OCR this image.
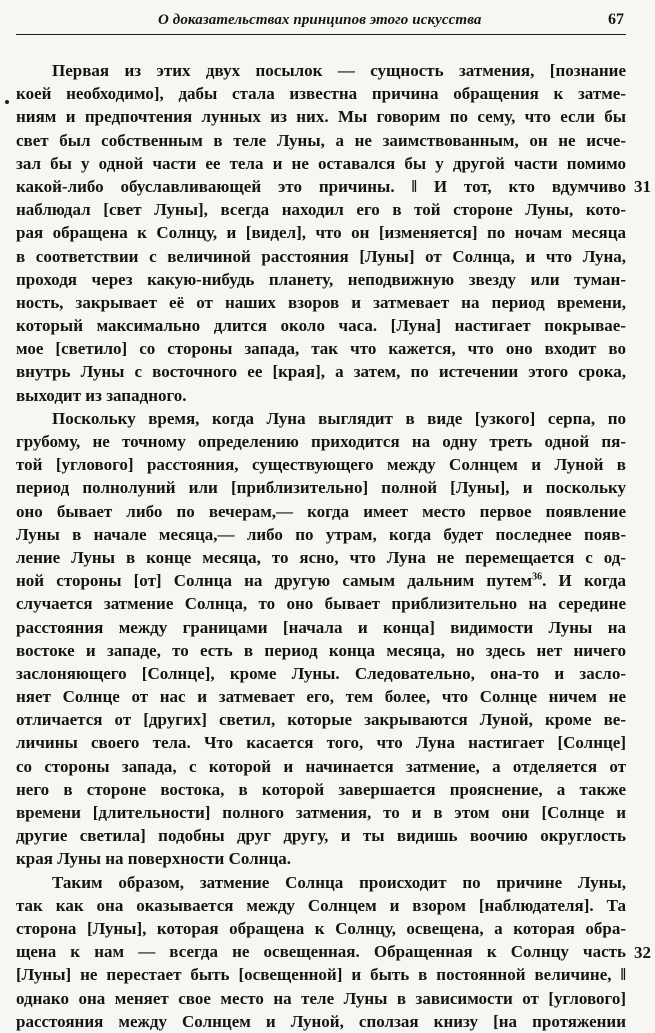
О доказательствах принципов этого искусства	67
31
32
Первая из этих двух посылок — сущность затмения, [познание
коей необходимо], дабы стала известна причина обращения к затме-
ниям и предпочтения лунных из них. Мы говорим по сему, что если бы
свет был собственным в теле Луны, а не заимствованным, он не исче-
зал бы у одной части ее тела и не оставался бы у другой части помимо
какой-либо обуславливающей это причины. ‖ И тот, кто вдумчиво
наблюдал [свет Луны], всегда находил его в той стороне Луны, кото-
рая обращена к Солнцу, и [видел], что он [изменяется] по ночам месяца
в соответствии с величиной расстояния [Луны] от Солнца, и что Луна,
проходя через какую-нибудь планету, неподвижную звезду или туман-
ность, закрывает её от наших взоров и затмевает на период времени,
который максимально длится около часа. [Луна] настигает покрывае-
мое [светило] со стороны запада, так что кажется, что оно входит во
внутрь Луны с восточного ее [края], а затем, по истечении этого срока,
выходит из западного.
Поскольку время, когда Луна выглядит в виде [узкого] серпа, по
грубому, не точному определению приходится на одну треть одной пя-
той [углового] расстояния, существующего между Солнцем и Луной в
период полнолуний или [приблизительно] полной [Луны], и поскольку
оно бывает либо по вечерам,— когда имеет место первое появление
Луны в начале месяца,— либо по утрам, когда будет последнее появ-
ление Луны в конце месяца, то ясно, что Луна не перемещается с од-
ной стороны [от] Солнца на другую самым дальним путем$^{36}$. И когда
случается затмение Солнца, то оно бывает приблизительно на середине
расстояния между границами [начала и конца] видимости Луны на
востоке и западе, то есть в период конца месяца, но здесь нет ничего
заслоняющего [Солнце], кроме Луны. Следовательно, она-то и засло-
няет Солнце от нас и затмевает его, тем более, что Солнце ничем не
отличается от [других] светил, которые закрываются Луной, кроме ве-
личины своего тела. Что касается того, что Луна настигает [Солнце]
со стороны запада, с которой и начинается затмение, а отделяется от
него в стороне востока, в которой завершается прояснение, а также
времени [длительности] полного затмения, то и в этом они [Солнце и
другие светила] подобны друг другу, и ты видишь воочию округлость
края Луны на поверхности Солнца.
Таким образом, затмение Солнца происходит по причине Луны,
так как она оказывается между Солнцем и взором [наблюдателя]. Та
сторона [Луны], которая обращена к Солнцу, освещена, а которая обра-
щена к нам — всегда не освещенная. Обращенная к Солнцу часть
[Луны] не перестает быть [освещенной] и быть в постоянной величине, ‖
однако она меняет свое место на теле Луны в зависимости от [углового]
расстояния между Солнцем и Луной, сползая книзу [на протяжении
